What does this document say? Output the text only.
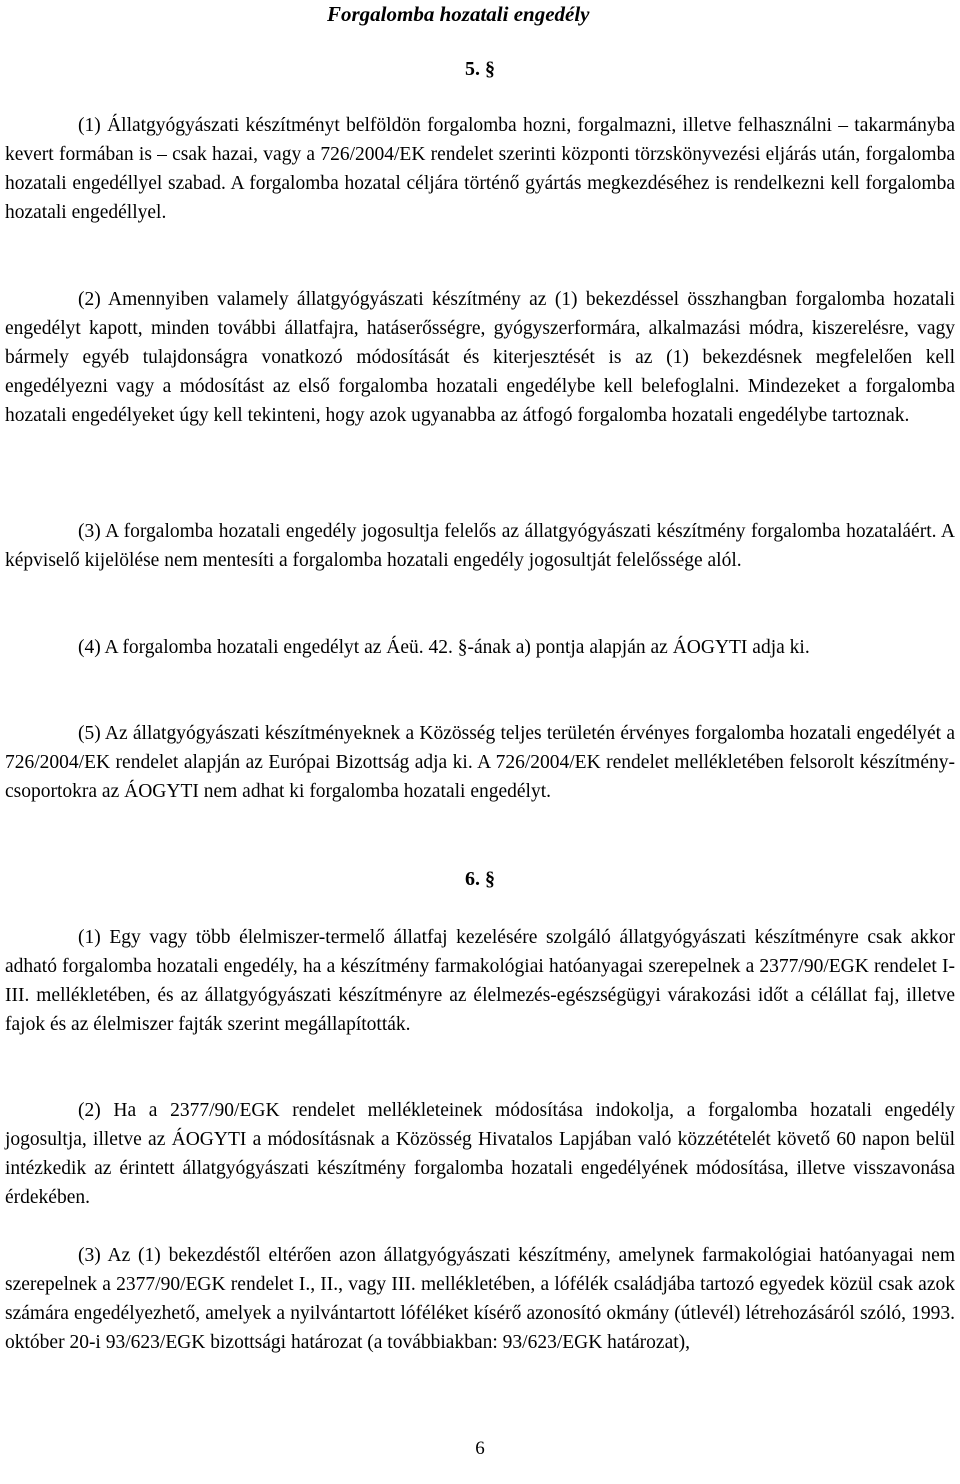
Forgalomba hozatali engedély
5. §

(1) Állatgyógyászati készítményt belföldön forgalomba hozni, forgalmazni, illetve felhasználni – takarmányba kevert formában is – csak hazai, vagy a 726/2004/EK rendelet szerinti központi törzskönyvezési eljárás után, forgalomba hozatali engedéllyel szabad. A forgalomba hozatal céljára történő gyártás megkezdéséhez is rendelkezni kell forgalomba hozatali engedéllyel.

(2) Amennyiben valamely állatgyógyászati készítmény az (1) bekezdéssel összhangban forgalomba hozatali engedélyt kapott, minden további állatfajra, hatáserősségre, gyógyszerformára, alkalmazási módra, kiszerelésre, vagy bármely egyéb tulajdonságra vonatkozó módosítását és kiterjesztését is az (1) bekezdésnek megfelelően kell engedélyezni vagy a módosítást az első forgalomba hozatali engedélybe kell belefoglalni. Mindezeket a forgalomba hozatali engedélyeket úgy kell tekinteni, hogy azok ugyanabba az átfogó forgalomba hozatali engedélybe tartoznak.

(3) A forgalomba hozatali engedély jogosultja felelős az állatgyógyászati készítmény forgalomba hozataláért. A képviselő kijelölése nem mentesíti a forgalomba hozatali engedély jogosultját felelőssége alól.

(4) A forgalomba hozatali engedélyt az Áeü. 42. §-ának a) pontja alapján az ÁOGYTI adja ki.

(5) Az állatgyógyászati készítményeknek a Közösség teljes területén érvényes forgalomba hozatali engedélyét a 726/2004/EK rendelet alapján az Európai Bizottság adja ki. A 726/2004/EK rendelet mellékletében felsorolt készítmény-csoportokra az ÁOGYTI nem adhat ki forgalomba hozatali engedélyt.

6. §

(1) Egy vagy több élelmiszer-termelő állatfaj kezelésére szolgáló állatgyógyászati készítményre csak akkor adható forgalomba hozatali engedély, ha a készítmény farmakológiai hatóanyagai szerepelnek a 2377/90/EGK rendelet I-III. mellékletében, és az állatgyógyászati készítményre az élelmezés-egészségügyi várakozási időt a célállat faj, illetve fajok és az élelmiszer fajták szerint megállapították.

(2) Ha a 2377/90/EGK rendelet mellékleteinek módosítása indokolja, a forgalomba hozatali engedély jogosultja, illetve az ÁOGYTI a módosításnak a Közösség Hivatalos Lapjában való közzétételét követő 60 napon belül intézkedik az érintett állatgyógyászati készítmény forgalomba hozatali engedélyének módosítása, illetve visszavonása érdekében.

(3) Az (1) bekezdéstől eltérően azon állatgyógyászati készítmény, amelynek farmakológiai hatóanyagai nem szerepelnek a 2377/90/EGK rendelet I., II., vagy III. mellékletében, a lófélék családjába tartozó egyedek közül csak azok számára engedélyezhető, amelyek a nyilvántartott lóféléket kísérő azonosító okmány (útlevél) létrehozásáról szóló, 1993. október 20-i 93/623/EGK bizottsági határozat (a továbbiakban: 93/623/EGK határozat),

6
